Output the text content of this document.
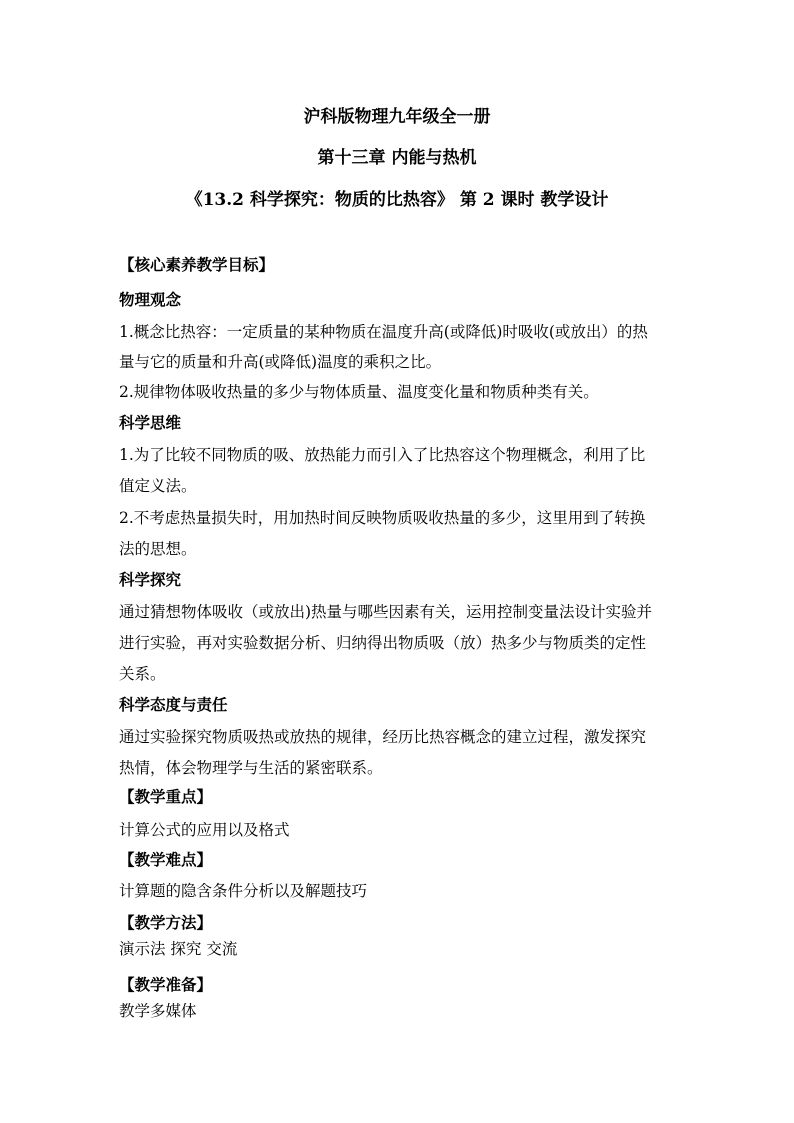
沪科版物理九年级全一册
第十三章 内能与热机
《13.2 科学探究：物质的比热容》 第 2 课时 教学设计
【核心素养教学目标】
物理观念
1.概念比热容：一定质量的某种物质在温度升高(或降低)时吸收(或放出）的热
量与它的质量和升高(或降低)温度的乘积之比。
2.规律物体吸收热量的多少与物体质量、温度变化量和物质种类有关。
科学思维
1.为了比较不同物质的吸、放热能力而引入了比热容这个物理概念，利用了比
值定义法。
2.不考虑热量损失时，用加热时间反映物质吸收热量的多少，这里用到了转换
法的思想。
科学探究
通过猜想物体吸收（或放出)热量与哪些因素有关，运用控制变量法设计实验并
进行实验，再对实验数据分析、归纳得出物质吸（放）热多少与物质类的定性
关系。
科学态度与责任
通过实验探究物质吸热或放热的规律，经历比热容概念的建立过程，激发探究
热情，体会物理学与生活的紧密联系。
【教学重点】
计算公式的应用以及格式
【教学难点】
计算题的隐含条件分析以及解题技巧
【教学方法】
演示法 探究 交流
【教学准备】
教学多媒体
